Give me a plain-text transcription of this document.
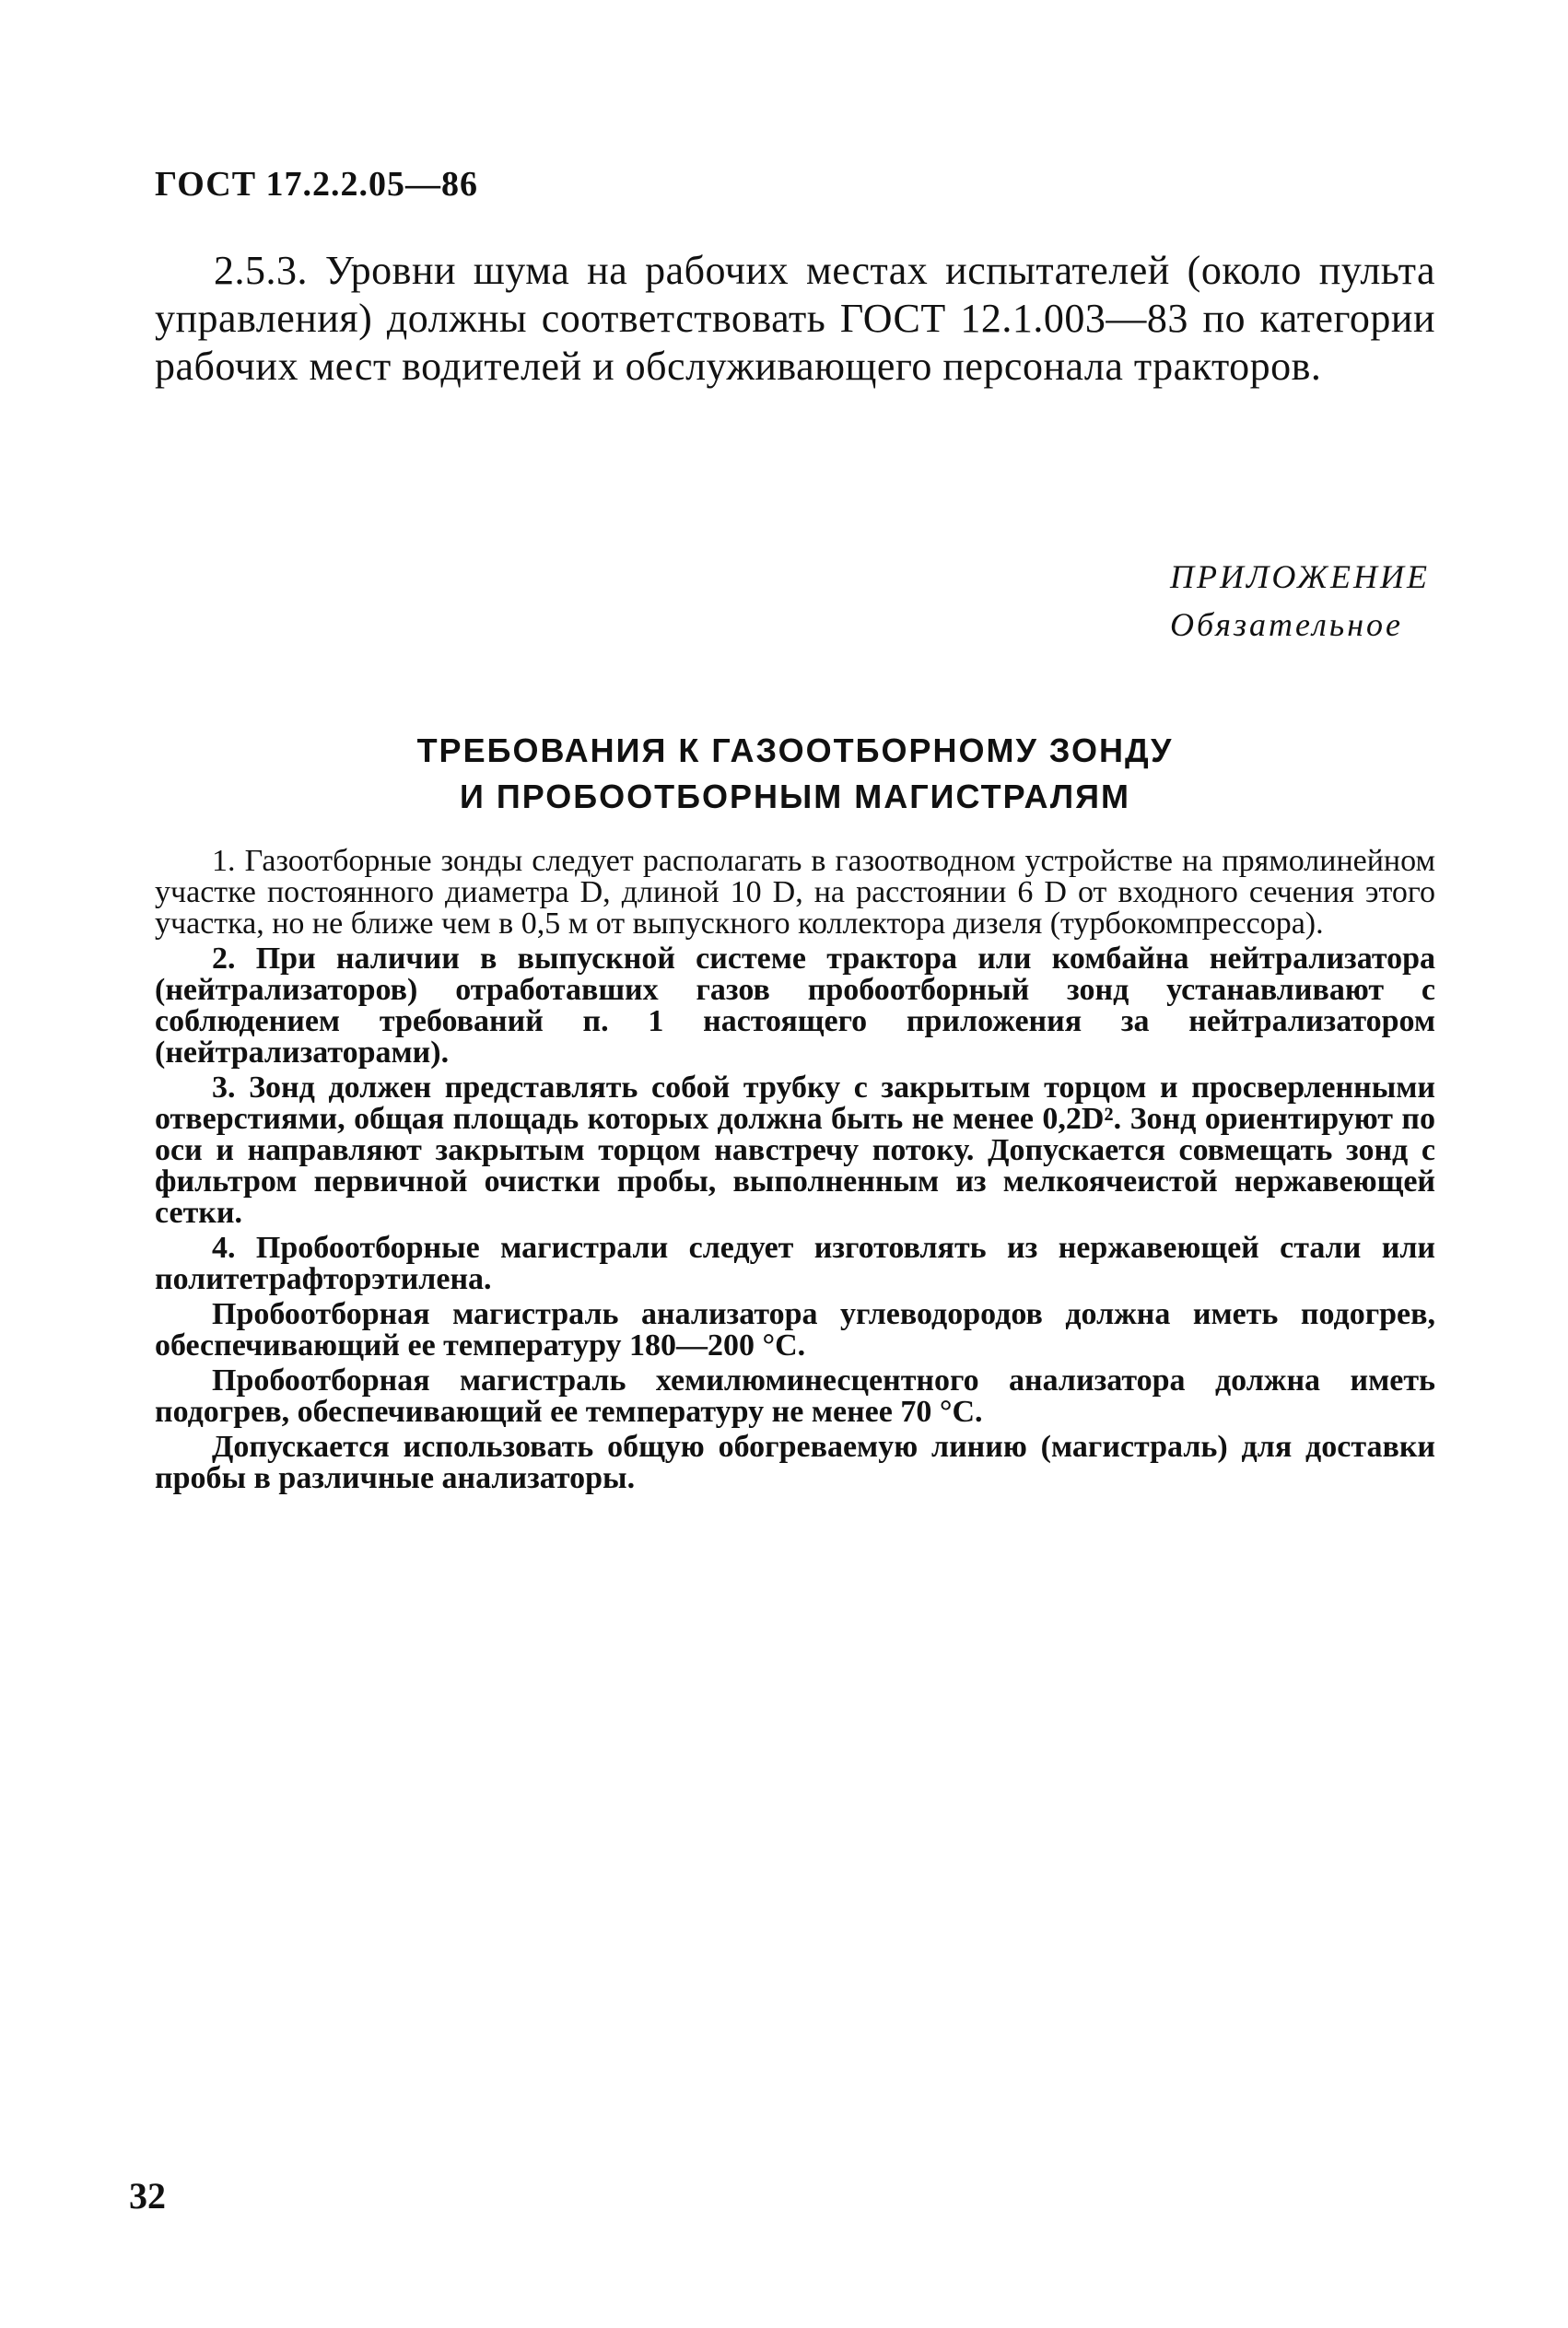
ГОСТ 17.2.2.05—86

2.5.3. Уровни шума на рабочих местах испытателей (около пульта управления) должны соответствовать ГОСТ 12.1.003—83 по категории рабочих мест водителей и обслуживающего персонала тракторов.

ПРИЛОЖЕНИЕ
Обязательное
ТРЕБОВАНИЯ К ГАЗООТБОРНОМУ ЗОНДУ
И ПРОБООТБОРНЫМ МАГИСТРАЛЯМ

1. Газоотборные зонды следует располагать в газоотводном устройстве на прямолинейном участке постоянного диаметра D, длиной 10 D, на расстоянии 6 D от входного сечения этого участка, но не ближе чем в 0,5 м от выпускного коллектора дизеля (турбокомпрессора).

2. При наличии в выпускной системе трактора или комбайна нейтрализатора (нейтрализаторов) отработавших газов пробоотборный зонд устанавливают с соблюдением требований п. 1 настоящего приложения за нейтрализатором (нейтрализаторами).

3. Зонд должен представлять собой трубку с закрытым торцом и просверленными отверстиями, общая площадь которых должна быть не менее 0,2D². Зонд ориентируют по оси и направляют закрытым торцом навстречу потоку. Допускается совмещать зонд с фильтром первичной очистки пробы, выполненным из мелкоячеистой нержавеющей сетки.

4. Пробоотборные магистрали следует изготовлять из нержавеющей стали или политетрафторэтилена.

Пробоотборная магистраль анализатора углеводородов должна иметь подогрев, обеспечивающий ее температуру 180—200 °С.

Пробоотборная магистраль хемилюминесцентного анализатора должна иметь подогрев, обеспечивающий ее температуру не менее 70 °С.

Допускается использовать общую обогреваемую линию (магистраль) для доставки пробы в различные анализаторы.

32
